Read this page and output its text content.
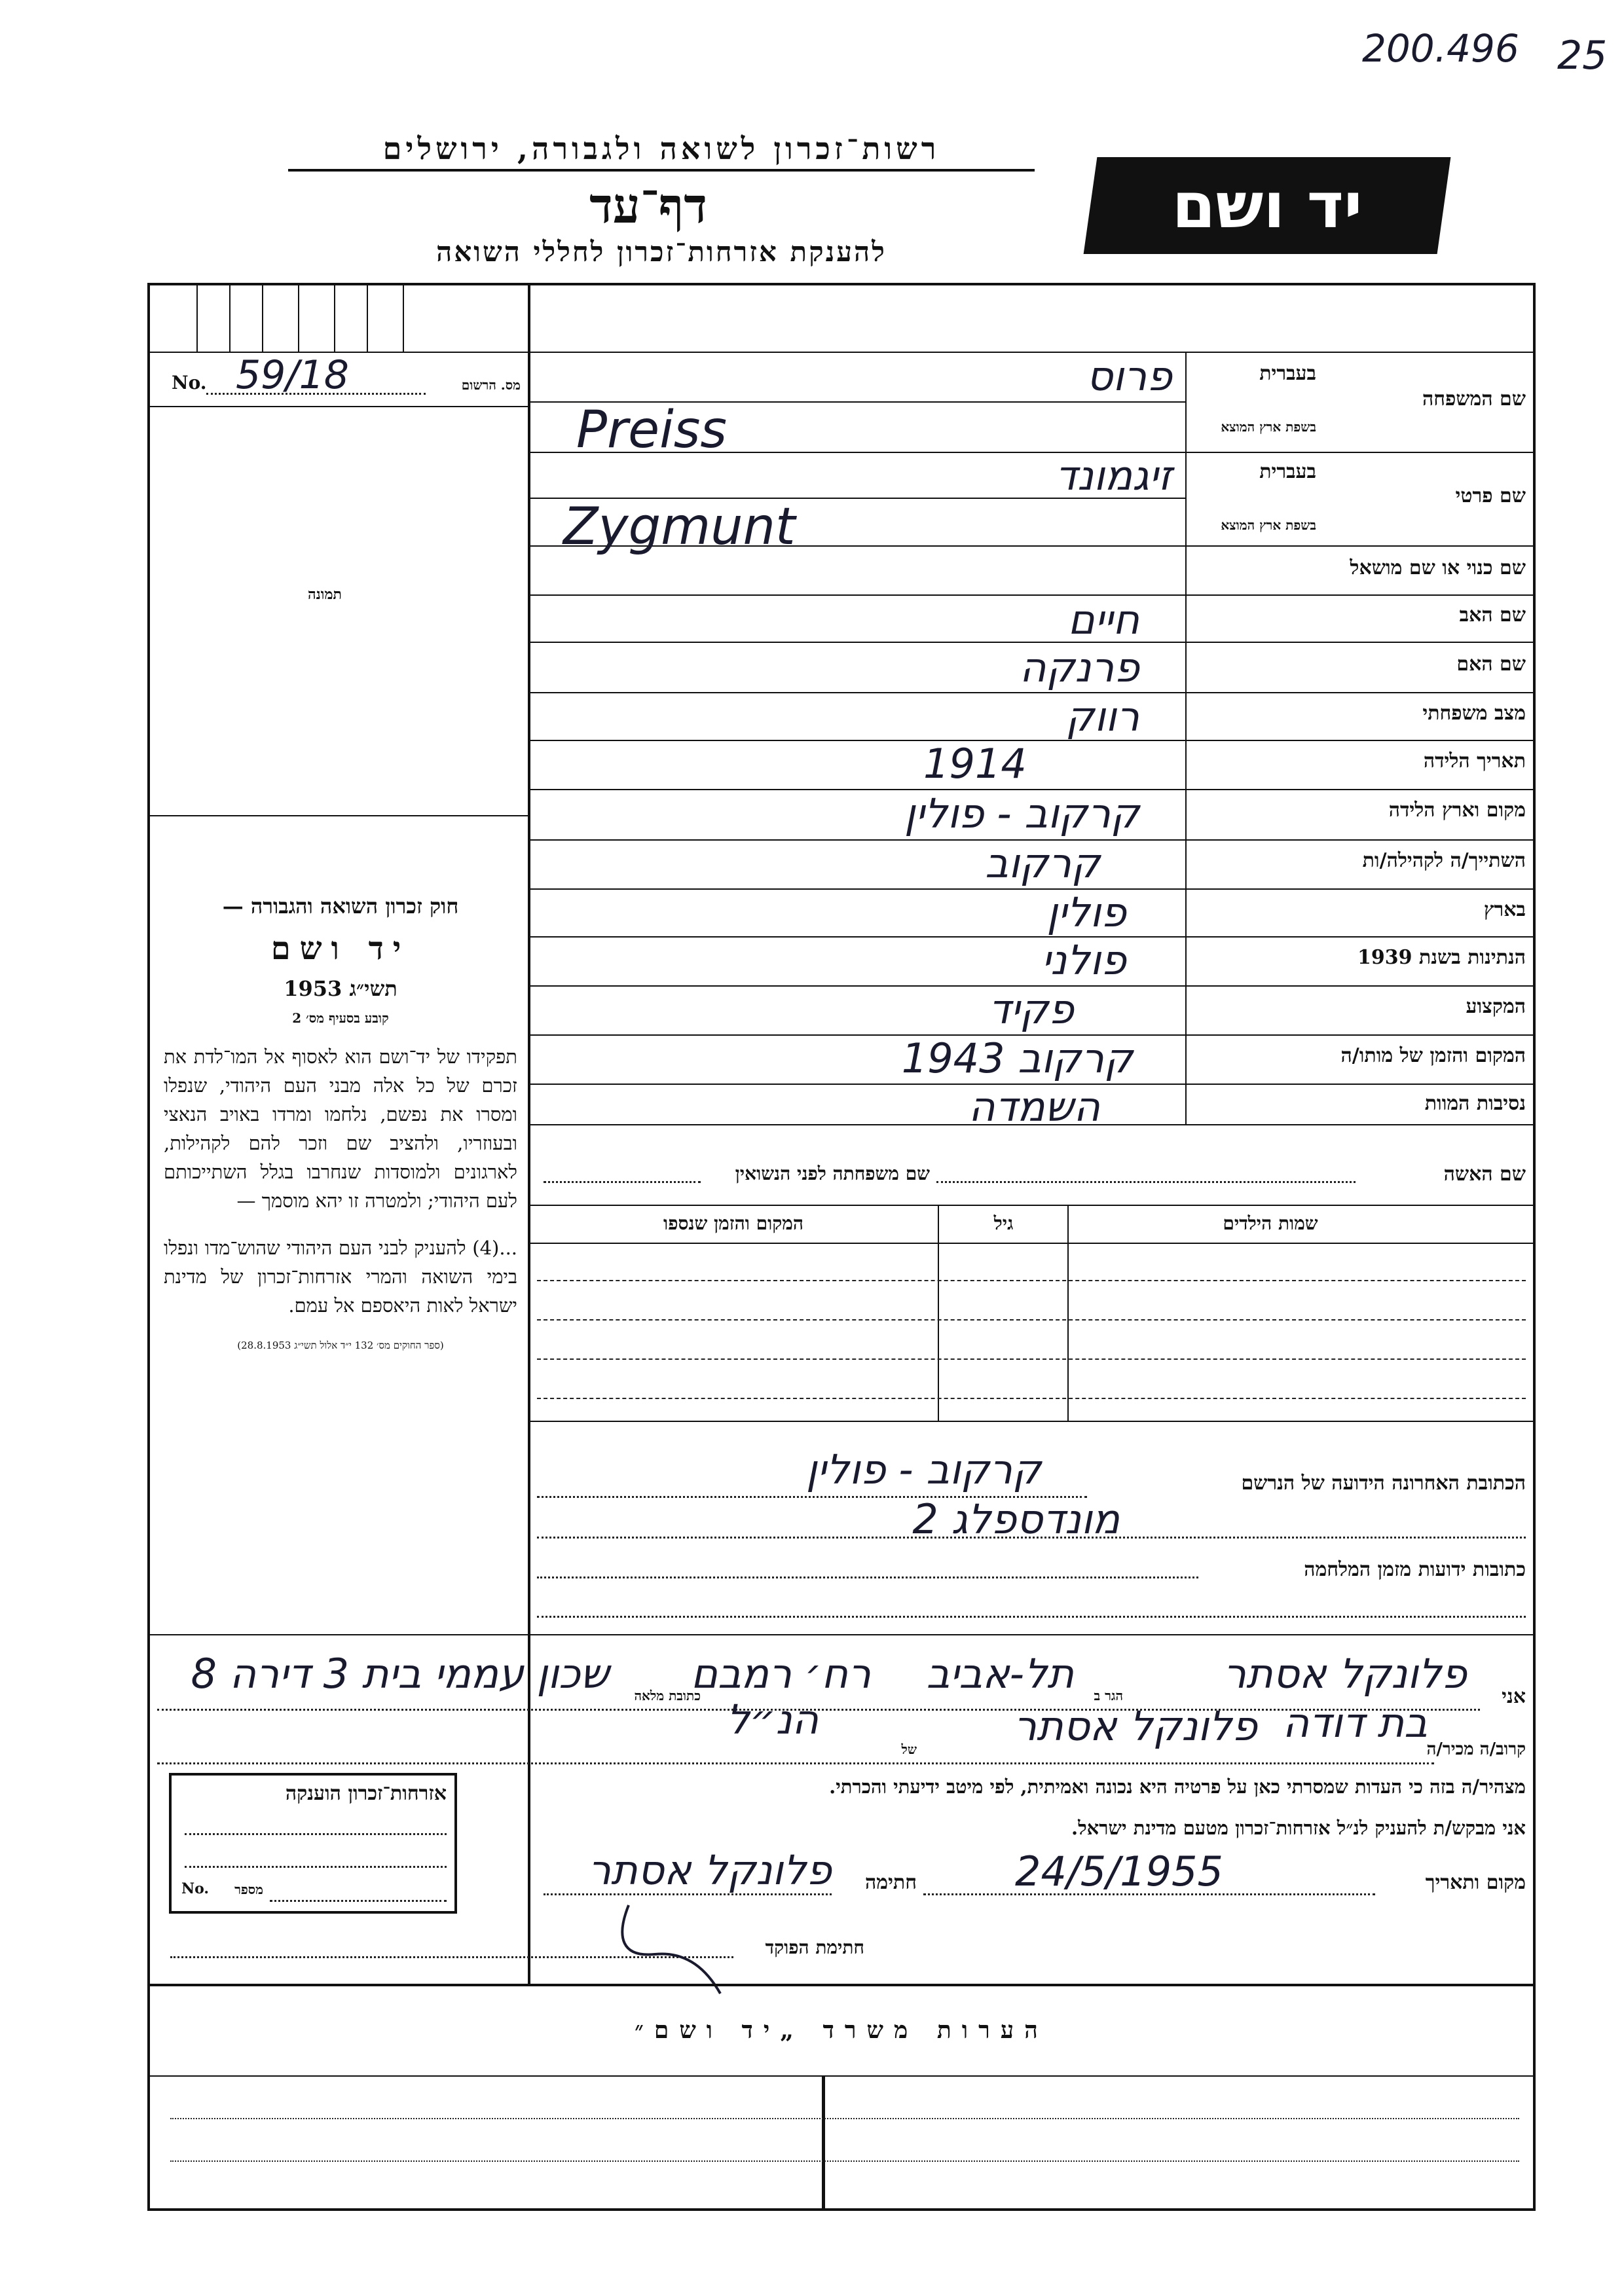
200.496 25
רשות־זכרון לשואה ולגבורה, ירושלים
דף־עד
להענקת אזרחות־זכרון לחללי השואה
יד ושם
No. 59/18	מס. הרשום
תמונה

חוק זכרון השואה והגבורה —

יד ושם

תשי״ג 1953

קובע בסעיף מס׳ 2

תפקידו של יד־ושם הוא לאסוף אל המו־לדת את זכרם של כל אלה מבני העם היהודי, שנפלו ומסרו את נפשם, נלחמו ומרדו באויב הנאצי ובעוזריו, ולהציב שם וזכר להם לקהילות, לארגונים ולמוסדות שנחרבו בגלל השתייכותם לעם היהודי; ולמטרה זו יהא מוסמך —

...(4) להעניק לבני העם היהודי שהוש־מדו ונפלו בימי השואה והמרי אזרחות־זכרון של מדינת ישראל לאות היאספם אל עמם.

(ספר החוקים מס׳ 132 י״ד אלול תשי״ג 28.8.1953)

שם המשפחה
בעברית
בשפת ארץ המוצא
פרוס
Preiss
שם פרטי
בעברית
בשפת ארץ המוצא
זיגמונד
Zygmunt
שם כנוי או שם מושאל
שם האב
חיים
שם האם
פרנקה
מצב משפחתי
רווק
תאריך הלידה
1914
מקום וארץ הלידה
קרקוב - פולין
השתייך/ה לקהילה/ות
קרקוב
בארץ
פולין
הנתינות בשנת 1939
פולני
המקצוע
פקיד
המקום והזמן של מותו/ה
קרקוב 1943
נסיבות המוות
השמדה
שם האשה
שם משפחתה לפני הנשואין
שמות הילדים
גיל
המקום והזמן שנספו
הכתובת האחרונה הידועה של הנרשם
קרקוב - פולין
מונדספלג 2
כתובות ידועות מזמן המלחמה
אני
פלונקל אסתר
הגר ב
תל-אביב
רח׳ רמבם
כתובת מלאה
שכון עממי בית 3 דירה 8
קרוב/ה מכיר/ה
בת דודה
פלונקל אסתר
של
הנ״ל
מצהיר/ה בזה כי העדות שמסרתי כאן על פרטיה היא נכונה ואמיתית, לפי מיטב ידיעתי והכרתי.
אני מבקש/ת להעניק לנ״ל אזרחות־זכרון מטעם מדינת ישראל.
מקום ותאריך
24/5/1955
חתימה
פלונקל אסתר
חתימת הפוקד
אזרחות־זכרון הוענקה
No.	מספר
הערות משרד „יד ושם״
